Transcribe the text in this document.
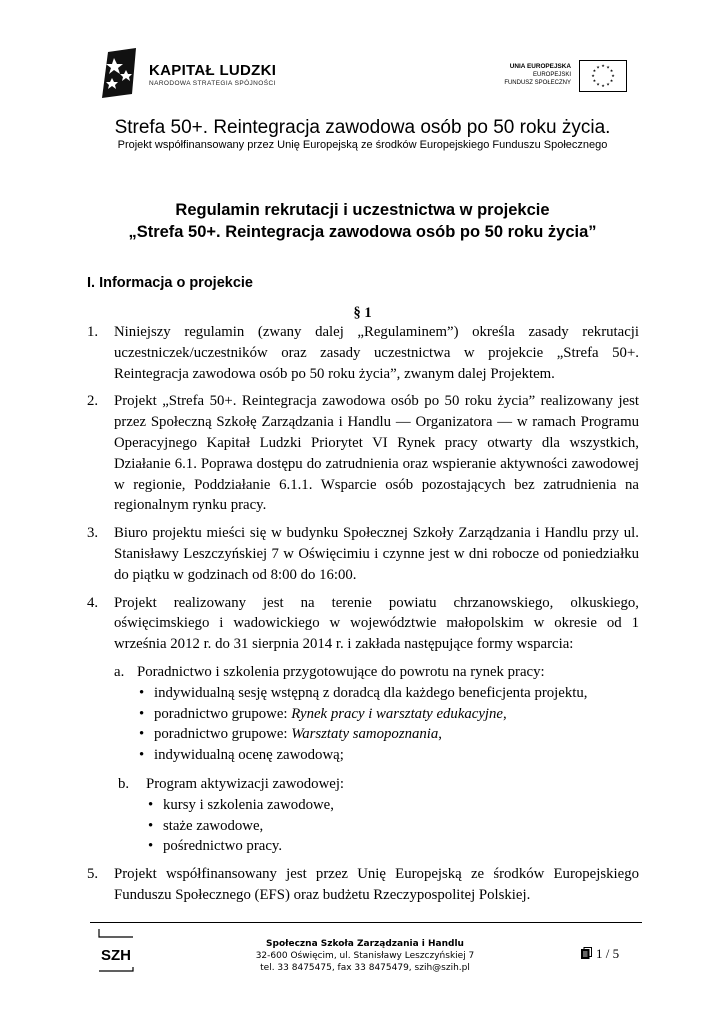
KAPITAŁ LUDZKI
NARODOWA STRATEGIA SPÓJNOŚCI
UNIA EUROPEJSKA
EUROPEJSKI
FUNDUSZ SPOŁECZNY
★ ★
★
★
★
★
★
★
★
★
★
★
Strefa 50+. Reintegracja zawodowa osób po 50 roku życia.
Projekt współfinansowany przez Unię Europejską ze środków Europejskiego Funduszu Społecznego
Regulamin rekrutacji i uczestnictwa w projekcie
„Strefa 50+. Reintegracja zawodowa osób po 50 roku życia”
I. Informacja o projekcie
§ 1
1. Niniejszy regulamin (zwany dalej „Regulaminem”) określa zasady rekrutacji uczestniczek/uczestników oraz zasady uczestnictwa w projekcie „Strefa 50+. Reintegracja zawodowa osób po 50 roku życia”, zwanym dalej Projektem.
2. Projekt „Strefa 50+. Reintegracja zawodowa osób po 50 roku życia” realizowany jest przez Społeczną Szkołę Zarządzania i Handlu — Organizatora — w ramach Programu Operacyjnego Kapitał Ludzki Priorytet VI Rynek pracy otwarty dla wszystkich, Działanie 6.1. Poprawa dostępu do zatrudnienia oraz wspieranie aktywności zawodowej w regionie, Poddziałanie 6.1.1. Wsparcie osób pozostających bez zatrudnienia na regionalnym rynku pracy.
3. Biuro projektu mieści się w budynku Społecznej Szkoły Zarządzania i Handlu przy ul. Stanisławy Leszczyńskiej 7 w Oświęcimiu i czynne jest w dni robocze od poniedziałku do piątku w godzinach od 8:00 do 16:00.
4. Projekt realizowany jest na terenie powiatu chrzanowskiego, olkuskiego, oświęcimskiego i wadowickiego w województwie małopolskim w okresie od 1 września 2012 r. do 31 sierpnia 2014 r. i zakłada następujące formy wsparcia:
a. Poradnictwo i szkolenia przygotowujące do powrotu na rynek pracy:
• indywidualną sesję wstępną z doradcą dla każdego beneficjenta projektu,
• poradnictwo grupowe: Rynek pracy i warsztaty edukacyjne,
• poradnictwo grupowe: Warsztaty samopoznania,
• indywidualną ocenę zawodową;
b. Program aktywizacji zawodowej:
• kursy i szkolenia zawodowe,
• staże zawodowe,
• pośrednictwo pracy.
5. Projekt współfinansowany jest przez Unię Europejską ze środków Europejskiego Funduszu Społecznego (EFS) oraz budżetu Rzeczypospolitej Polskiej.
SZH
Społeczna Szkoła Zarządzania i Handlu
32-600 Oświęcim, ul. Stanisławy Leszczyńskiej 7
tel. 33 8475475, fax 33 8475479, szih@szih.pl
1 / 5
